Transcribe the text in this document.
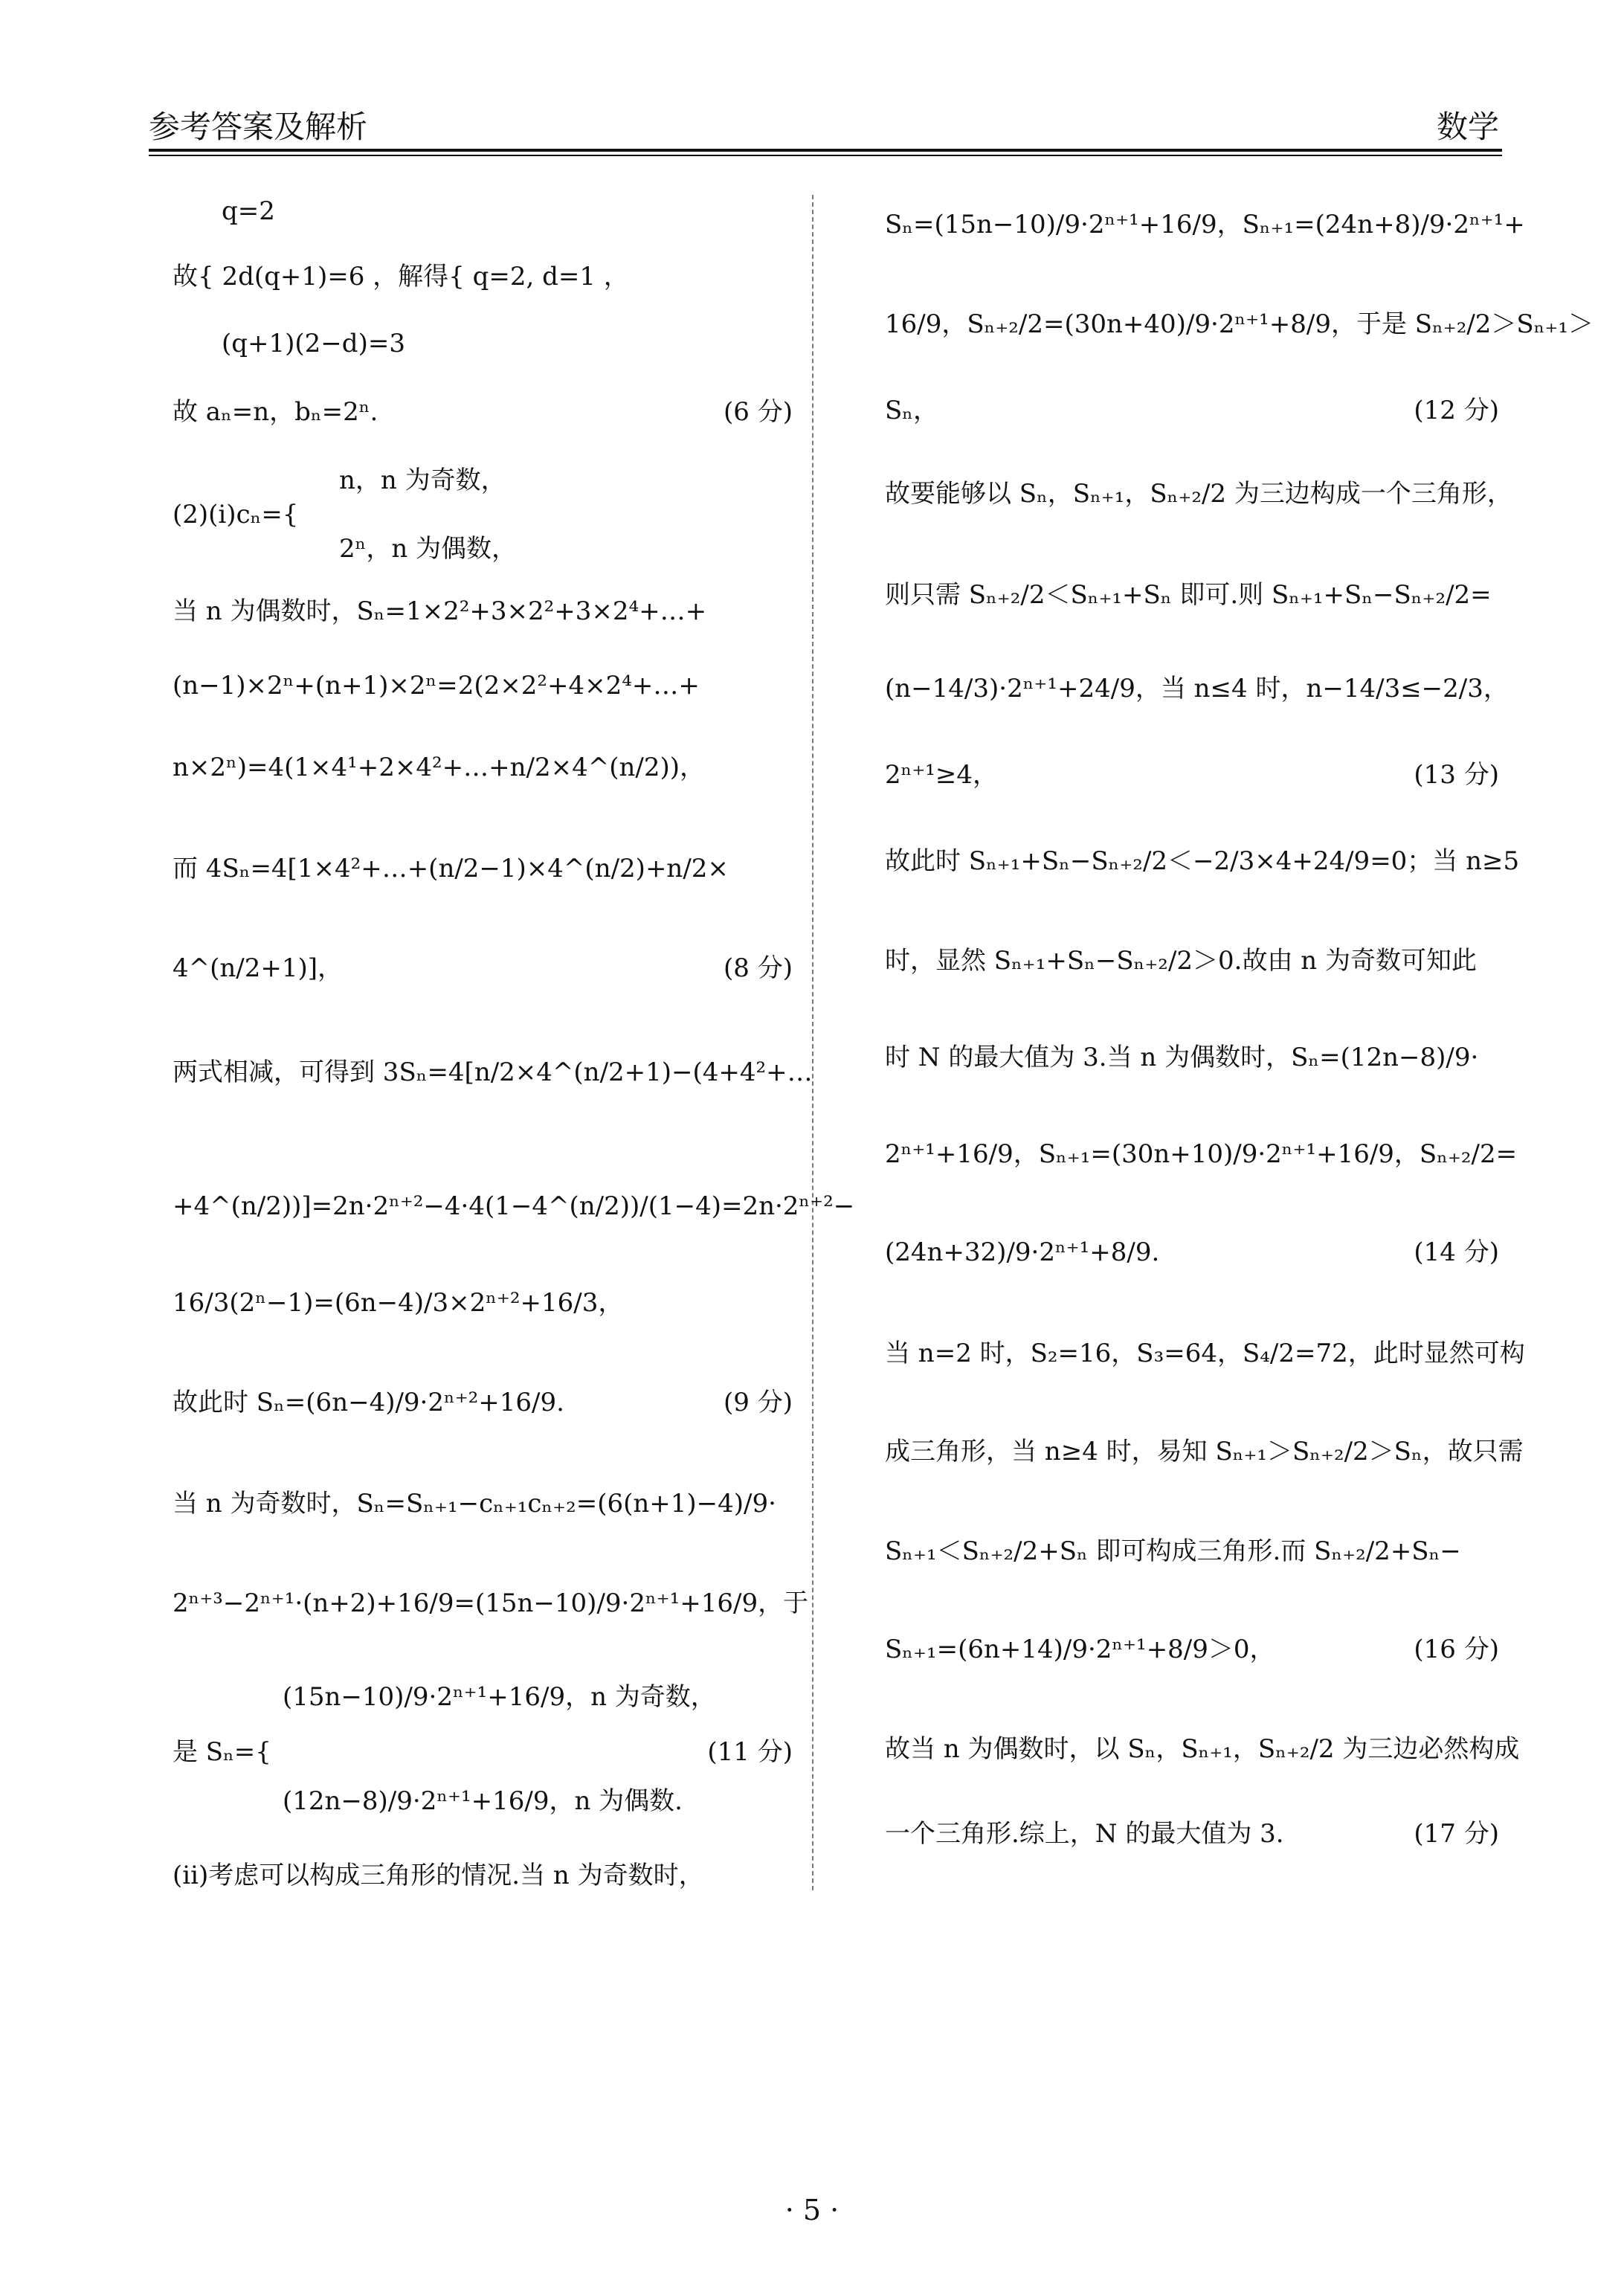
参考答案及解析	数学
q=2
故{ 2d(q+1)=6 ，解得{ q=2, d=1 ，
(q+1)(2−d)=3
故 aₙ=n，bₙ=2ⁿ.	(6 分)
n，n 为奇数，
(2)(ⅰ)cₙ={
2ⁿ，n 为偶数，
当 n 为偶数时，Sₙ=1×2²+3×2²+3×2⁴+…+
(n−1)×2ⁿ+(n+1)×2ⁿ=2(2×2²+4×2⁴+…+
n×2ⁿ)=4(1×4¹+2×4²+…+n/2×4^(n/2))，
而 4Sₙ=4[1×4²+…+(n/2−1)×4^(n/2)+n/2×
4^(n/2+1)]，	(8 分)
两式相减，可得到 3Sₙ=4[n/2×4^(n/2+1)−(4+4²+…
+4^(n/2))]=2n·2ⁿ⁺²−4·4(1−4^(n/2))/(1−4)=2n·2ⁿ⁺²−
16/3(2ⁿ−1)=(6n−4)/3×2ⁿ⁺²+16/3，
故此时 Sₙ=(6n−4)/9·2ⁿ⁺²+16/9.	(9 分)
当 n 为奇数时，Sₙ=Sₙ₊₁−cₙ₊₁cₙ₊₂=(6(n+1)−4)/9·
2ⁿ⁺³−2ⁿ⁺¹·(n+2)+16/9=(15n−10)/9·2ⁿ⁺¹+16/9，于
(15n−10)/9·2ⁿ⁺¹+16/9，n 为奇数，
是 Sₙ={	(11 分)
(12n−8)/9·2ⁿ⁺¹+16/9，n 为偶数.
(ⅱ)考虑可以构成三角形的情况.当 n 为奇数时，
Sₙ=(15n−10)/9·2ⁿ⁺¹+16/9，Sₙ₊₁=(24n+8)/9·2ⁿ⁺¹+
16/9，Sₙ₊₂/2=(30n+40)/9·2ⁿ⁺¹+8/9，于是 Sₙ₊₂/2＞Sₙ₊₁＞
Sₙ，	(12 分)
故要能够以 Sₙ，Sₙ₊₁，Sₙ₊₂/2 为三边构成一个三角形，
则只需 Sₙ₊₂/2＜Sₙ₊₁+Sₙ 即可.则 Sₙ₊₁+Sₙ−Sₙ₊₂/2=
(n−14/3)·2ⁿ⁺¹+24/9，当 n≤4 时，n−14/3≤−2/3，
2ⁿ⁺¹≥4，	(13 分)
故此时 Sₙ₊₁+Sₙ−Sₙ₊₂/2＜−2/3×4+24/9=0；当 n≥5
时，显然 Sₙ₊₁+Sₙ−Sₙ₊₂/2＞0.故由 n 为奇数可知此
时 N 的最大值为 3.当 n 为偶数时，Sₙ=(12n−8)/9·
2ⁿ⁺¹+16/9，Sₙ₊₁=(30n+10)/9·2ⁿ⁺¹+16/9，Sₙ₊₂/2=
(24n+32)/9·2ⁿ⁺¹+8/9.	(14 分)
当 n=2 时，S₂=16，S₃=64，S₄/2=72，此时显然可构
成三角形，当 n≥4 时，易知 Sₙ₊₁＞Sₙ₊₂/2＞Sₙ，故只需
Sₙ₊₁＜Sₙ₊₂/2+Sₙ 即可构成三角形.而 Sₙ₊₂/2+Sₙ−
Sₙ₊₁=(6n+14)/9·2ⁿ⁺¹+8/9＞0，	(16 分)
故当 n 为偶数时，以 Sₙ，Sₙ₊₁，Sₙ₊₂/2 为三边必然构成
一个三角形.综上，N 的最大值为 3.	(17 分)
· 5 ·
